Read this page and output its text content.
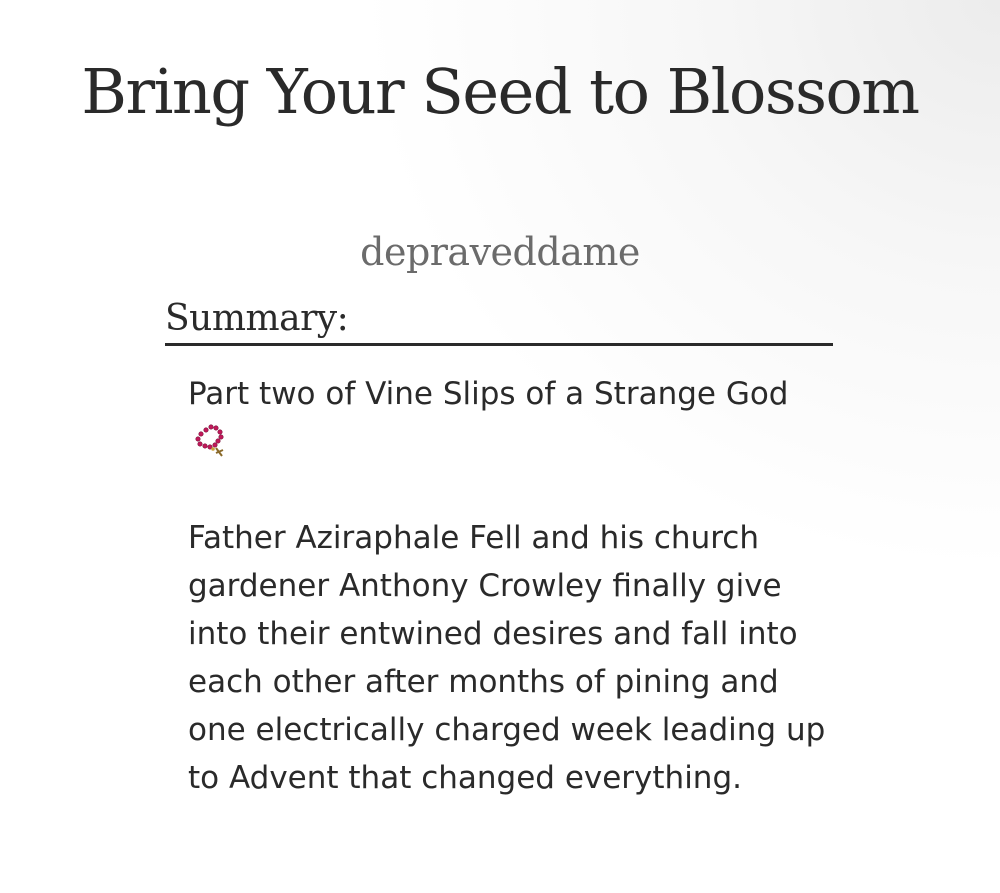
Bring Your Seed to Blossom
depraveddame
Summary:

Part two of Vine Slips of a Strange God

Father Aziraphale Fell and his church gardener Anthony Crowley finally give into their entwined desires and fall into each other after months of pining and one electrically charged week leading up to Advent that changed everything.
